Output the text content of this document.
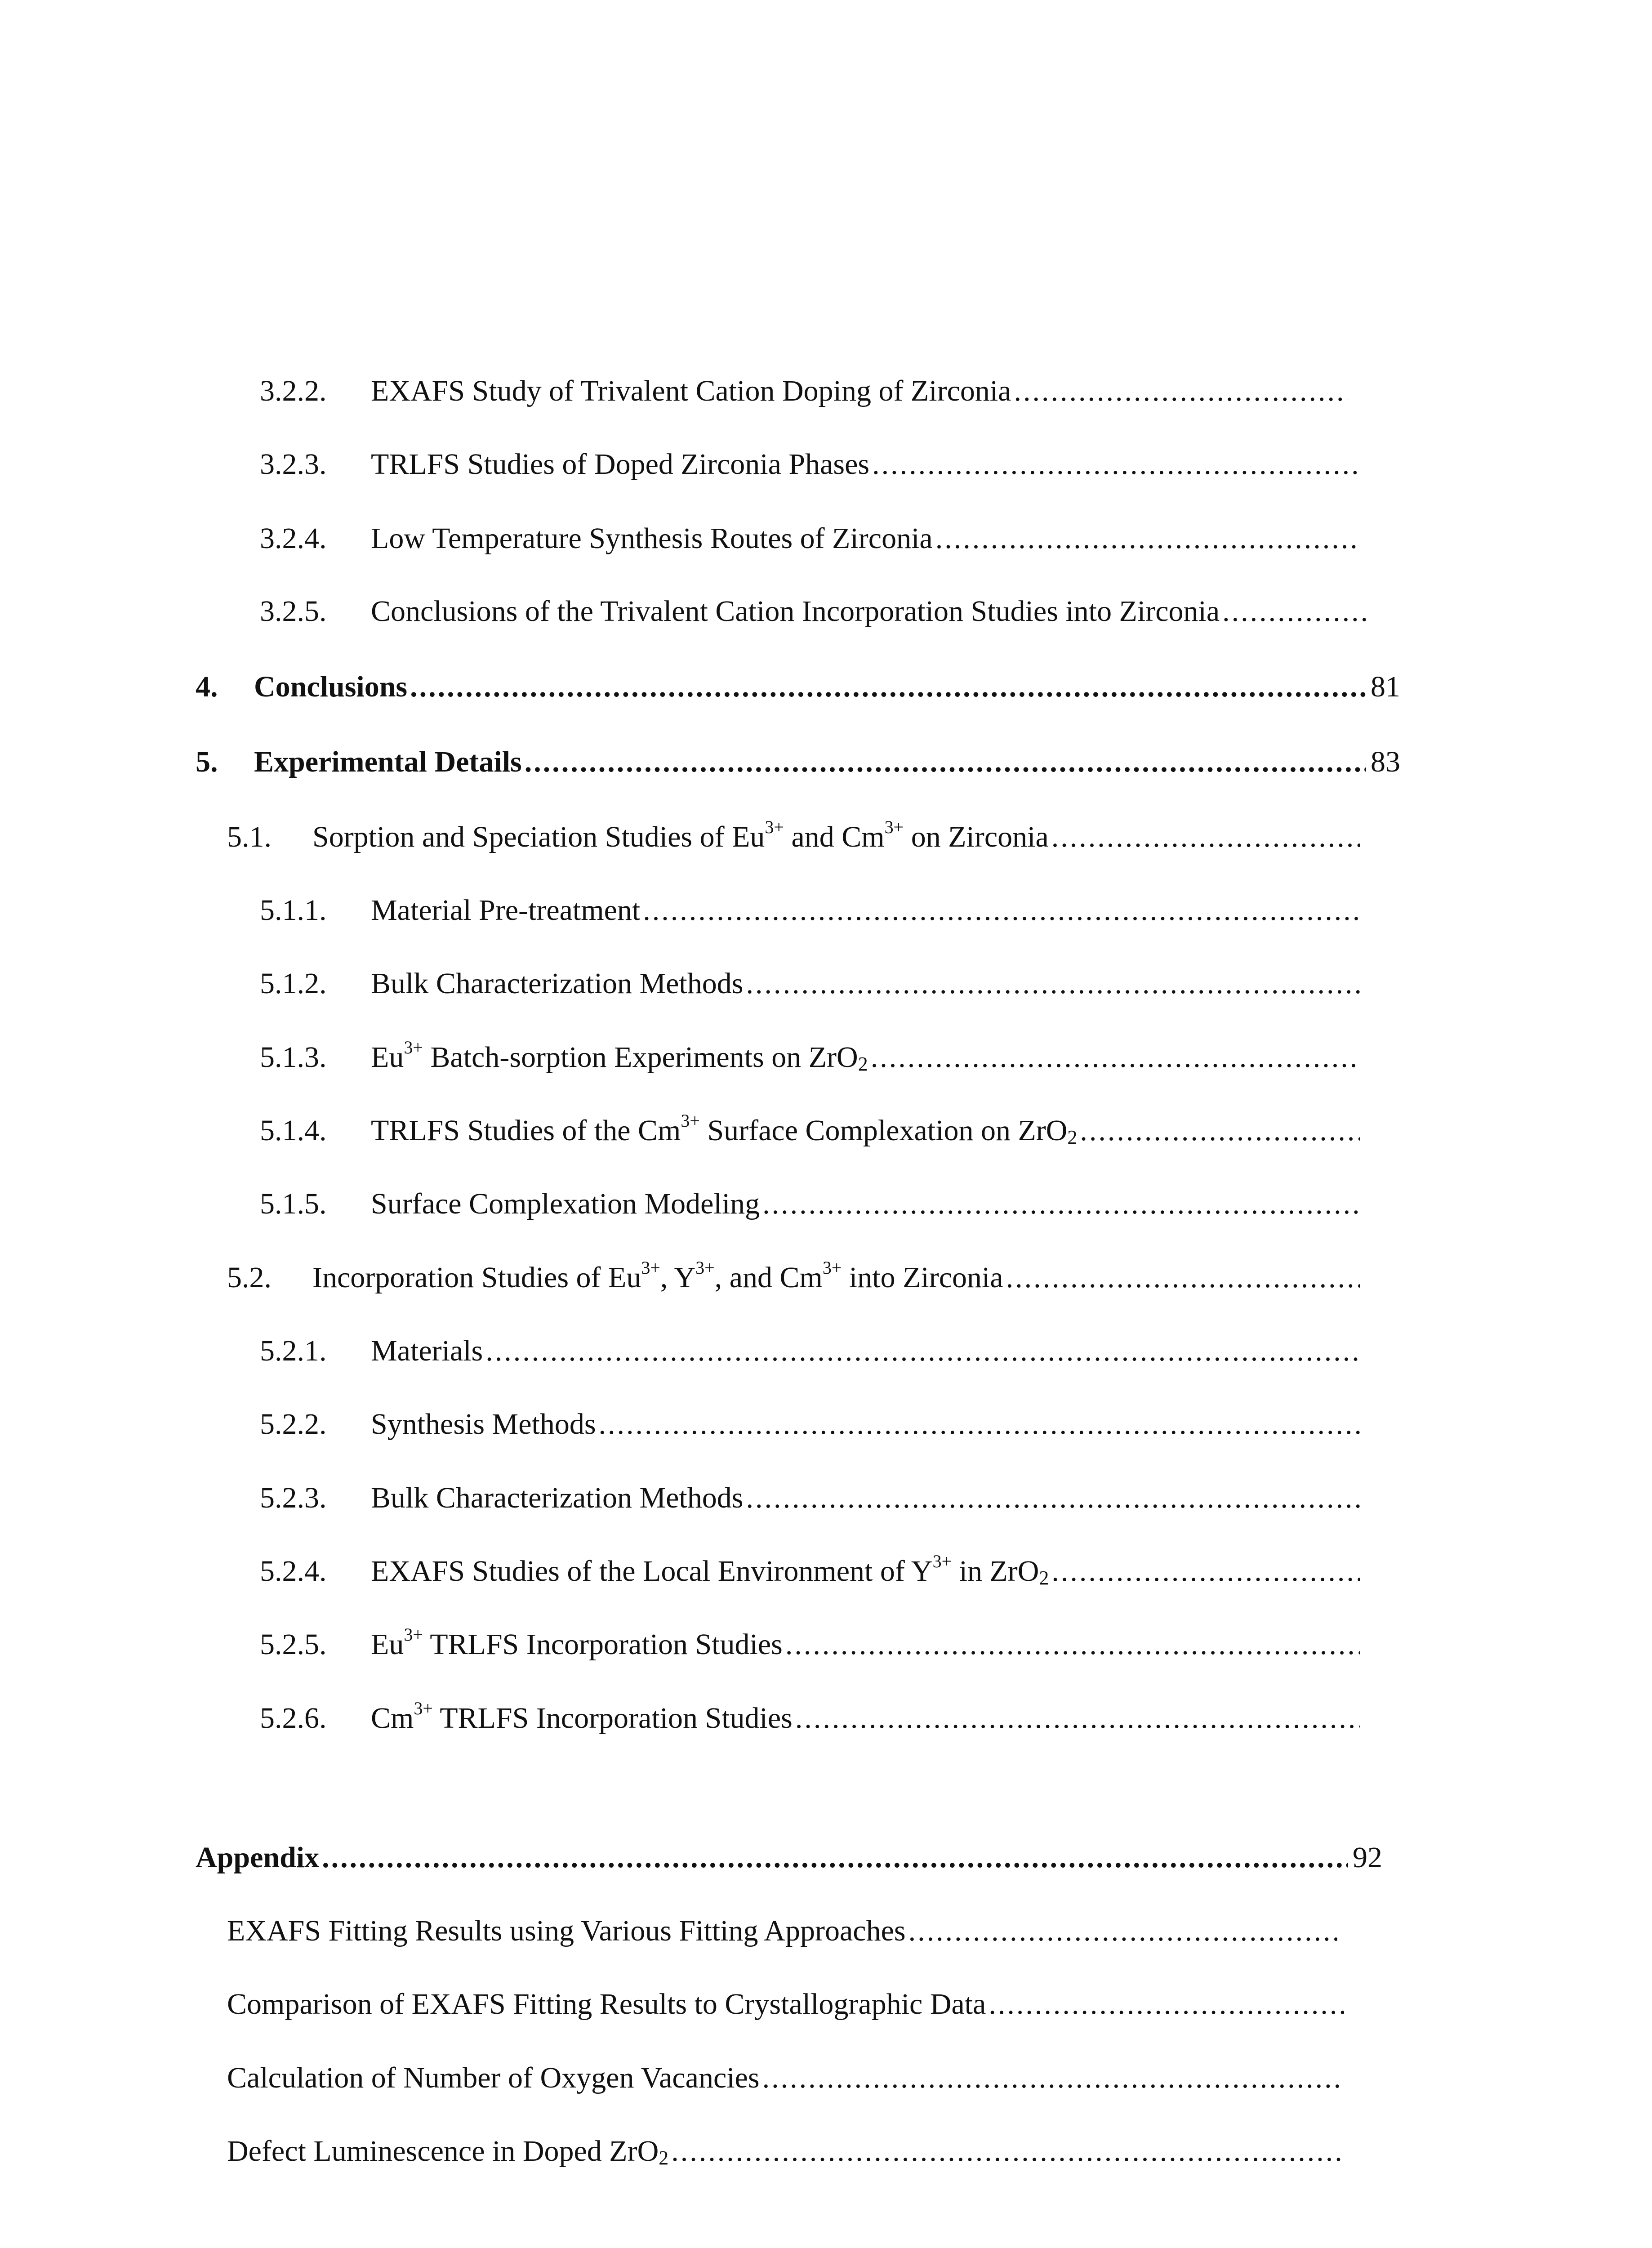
3.2.2.	EXAFS Study of Trivalent Cation Doping of Zirconia
.....
3.2.3.	TRLFS Studies of Doped Zirconia Phases
.....
3.2.4.	Low Temperature Synthesis Routes of Zirconia
.....
3.2.5.	Conclusions of the Trivalent Cation Incorporation Studies into Zirconia
.....
4.	Conclusions .....	81
5.	Experimental Details .....	83
5.1.	Sorption and Speciation Studies of $Eu^{3+}$ and $Cm^{3+}$ on Zirconia
.....
5.1.1.	Material Pre-treatment
.....
5.1.2.	Bulk Characterization Methods
.....
5.1.3.	$Eu^{3+}$ Batch-sorption Experiments on ZrO$_2$
.....
5.1.4.	TRLFS Studies of the $Cm^{3+}$ Surface Complexation on ZrO$_2$
.....
5.1.5.	Surface Complexation Modeling
.....
5.2.	Incorporation Studies of $Eu^{3+}$, $Y^{3+}$, and $Cm^{3+}$ into Zirconia
.....
5.2.1.	Materials
.....
5.2.2.	Synthesis Methods
.....
5.2.3.	Bulk Characterization Methods
.....
5.2.4.	EXAFS Studies of the Local Environment of $Y^{3+}$ in ZrO$_2$
.....
5.2.5.	$Eu^{3+}$ TRLFS Incorporation Studies
.....
5.2.6.	$Cm^{3+}$ TRLFS Incorporation Studies
.....
Appendix .....	92
EXAFS Fitting Results using Various Fitting Approaches
.....
Comparison of EXAFS Fitting Results to Crystallographic Data
.....
Calculation of Number of Oxygen Vacancies
.....
Defect Luminescence in Doped ZrO$_2$
.....
